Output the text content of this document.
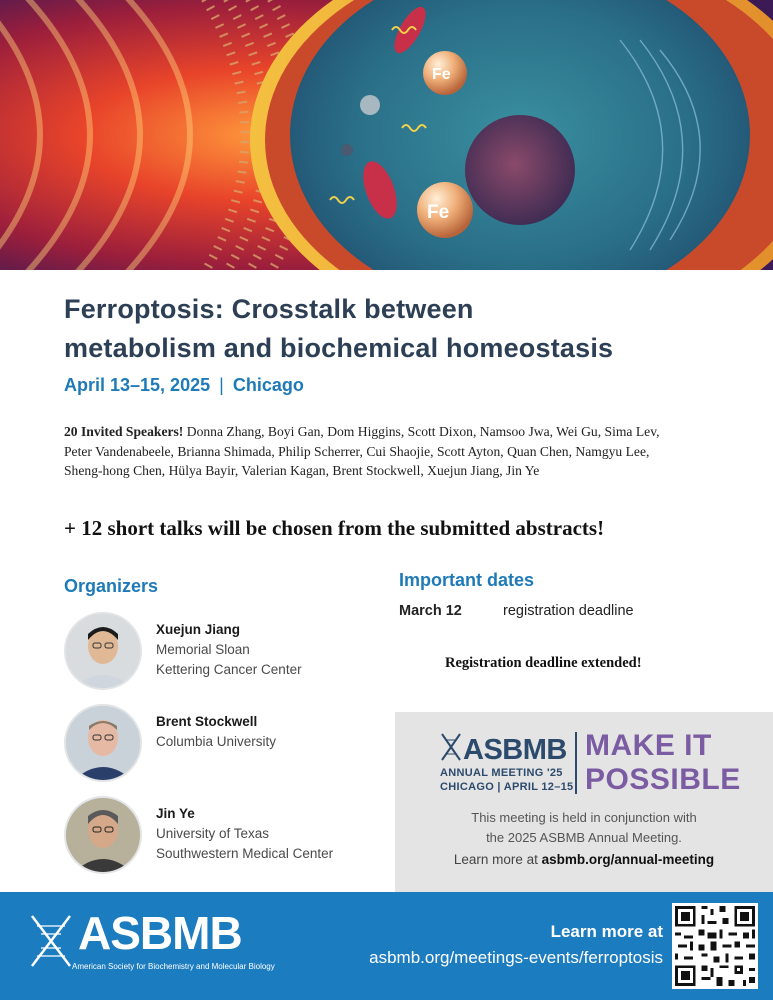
Fe
Fe
Ferroptosis: Crosstalk between
metabolism and biochemical homeostasis
April 13–15, 2025 | Chicago

20 Invited Speakers! Donna Zhang, Boyi Gan, Dom Higgins, Scott Dixon, Namsoo Jwa, Wei Gu, Sima Lev, Peter Vandenabeele, Brianna Shimada, Philip Scherrer, Cui Shaojie, Scott Ayton, Quan Chen, Namgyu Lee, Sheng-hong Chen, Hülya Bayir, Valerian Kagan, Brent Stockwell, Xuejun Jiang, Jin Ye

+ 12 short talks will be chosen from the submitted abstracts!
Organizers
Xuejun Jiang
Memorial Sloan
Kettering Cancer Center
Brent Stockwell
Columbia University
Jin Ye
University of Texas
Southwestern Medical Center
Important dates
March 12	registration deadline
Registration deadline extended!
ASBMB
ANNUAL MEETING '25
CHICAGO | APRIL 12–15
MAKE IT
POSSIBLE
This meeting is held in conjunction with
the 2025 ASBMB Annual Meeting.
Learn more at asbmb.org/annual-meeting
ASBMB
American Society for Biochemistry and Molecular Biology
Learn more at
asbmb.org/meetings-events/ferroptosis
